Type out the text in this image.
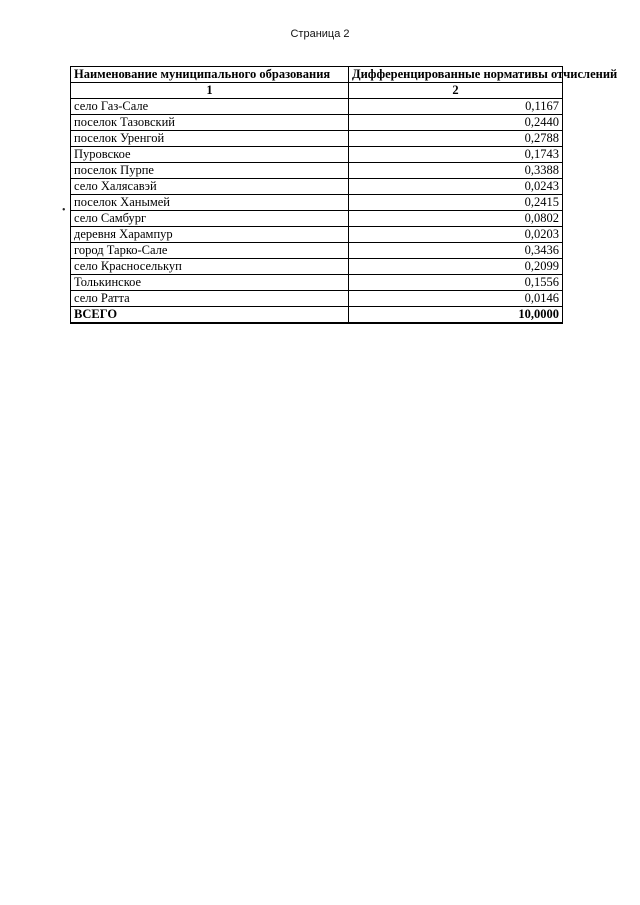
Страница 2
•
Наименование муниципального образования	Дифференцированные нормативы отчислений
1	2
село Газ-Сале	0,1167
поселок Тазовский	0,2440
поселок Уренгой	0,2788
Пуровское	0,1743
поселок Пурпе	0,3388
село Халясавэй	0,0243
поселок Ханымей	0,2415
село Самбург	0,0802
деревня Харампур	0,0203
город Тарко-Сале	0,3436
село Красноселькуп	0,2099
Толькинское	0,1556
село Ратта	0,0146
ВСЕГО	10,0000
